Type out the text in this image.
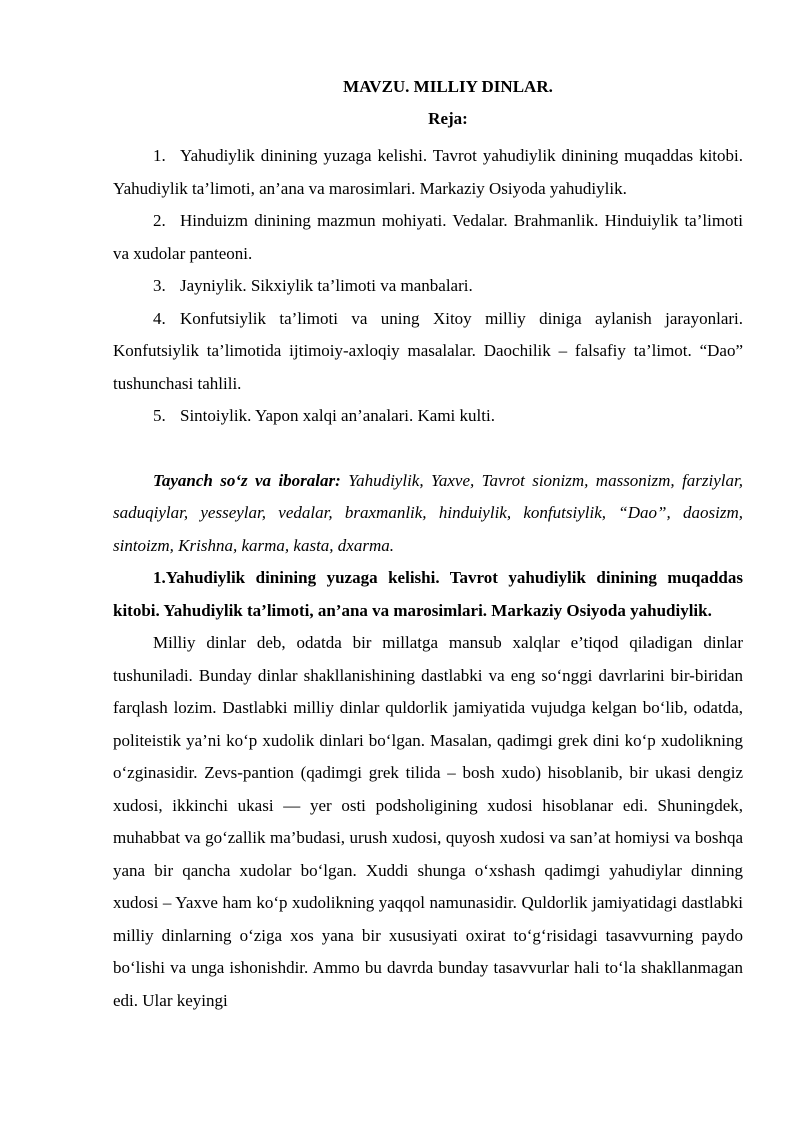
MAVZU. MILLIY DINLAR.
Reja:

1. Yahudiylik dinining yuzaga kelishi. Tavrot yahudiylik dinining muqaddas kitobi. Yahudiylik ta’limoti, an’ana va marosimlari. Markaziy Osiyoda yahudiylik.

2. Hinduizm dinining mazmun mohiyati. Vedalar. Brahmanlik. Hinduiylik ta’limoti va xudolar panteoni.

3. Jayniylik. Sikxiylik ta’limoti va manbalari.

4. Konfutsiylik ta’limoti va uning Xitoy milliy diniga aylanish jarayonlari. Konfutsiylik ta’limotida ijtimoiy-axloqiy masalalar. Daochilik – falsafiy ta’limot. “Dao” tushunchasi tahlili.

5. Sintoiylik. Yapon xalqi an’analari. Kami kulti.

Tayanch so‘z va iboralar: Yahudiylik, Yaxve, Tavrot sionizm, massonizm, farziylar, saduqiylar, yesseylar, vedalar, braxmanlik, hinduiylik, konfutsiylik, “Dao”, daosizm, sintoizm, Krishna, karma, kasta, dxarma.

1.Yahudiylik dinining yuzaga kelishi. Tavrot yahudiylik dinining muqaddas kitobi. Yahudiylik ta’limoti, an’ana va marosimlari. Markaziy Osiyoda yahudiylik.

Milliy dinlar deb, odatda bir millatga mansub xalqlar e’tiqod qiladigan dinlar tushuniladi. Bunday dinlar shakllanishining dastlabki va eng so‘nggi davrlarini bir-biridan farqlash lozim. Dastlabki milliy dinlar quldorlik jamiyatida vujudga kelgan bo‘lib, odatda, politeistik ya’ni ko‘p xudolik dinlari bo‘lgan. Masalan, qadimgi grek dini ko‘p xudolikning o‘zginasidir. Zevs-pantion (qadimgi grek tilida – bosh xudo) hisoblanib, bir ukasi dengiz xudosi, ikkinchi ukasi — yer osti podsholigining xudosi hisoblanar edi. Shuningdek, muhabbat va go‘zallik ma’budasi, urush xudosi, quyosh xudosi va san’at homiysi va boshqa yana bir qancha xudolar bo‘lgan. Xuddi shunga o‘xshash qadimgi yahudiylar dinning xudosi – Yaxve ham ko‘p xudolikning yaqqol namunasidir. Quldorlik jamiyatidagi dastlabki milliy dinlarning o‘ziga xos yana bir xususiyati oxirat to‘g‘risidagi tasavvurning paydo bo‘lishi va unga ishonishdir. Ammo bu davrda bunday tasavvurlar hali to‘la shakllanmagan edi. Ular keyingi
